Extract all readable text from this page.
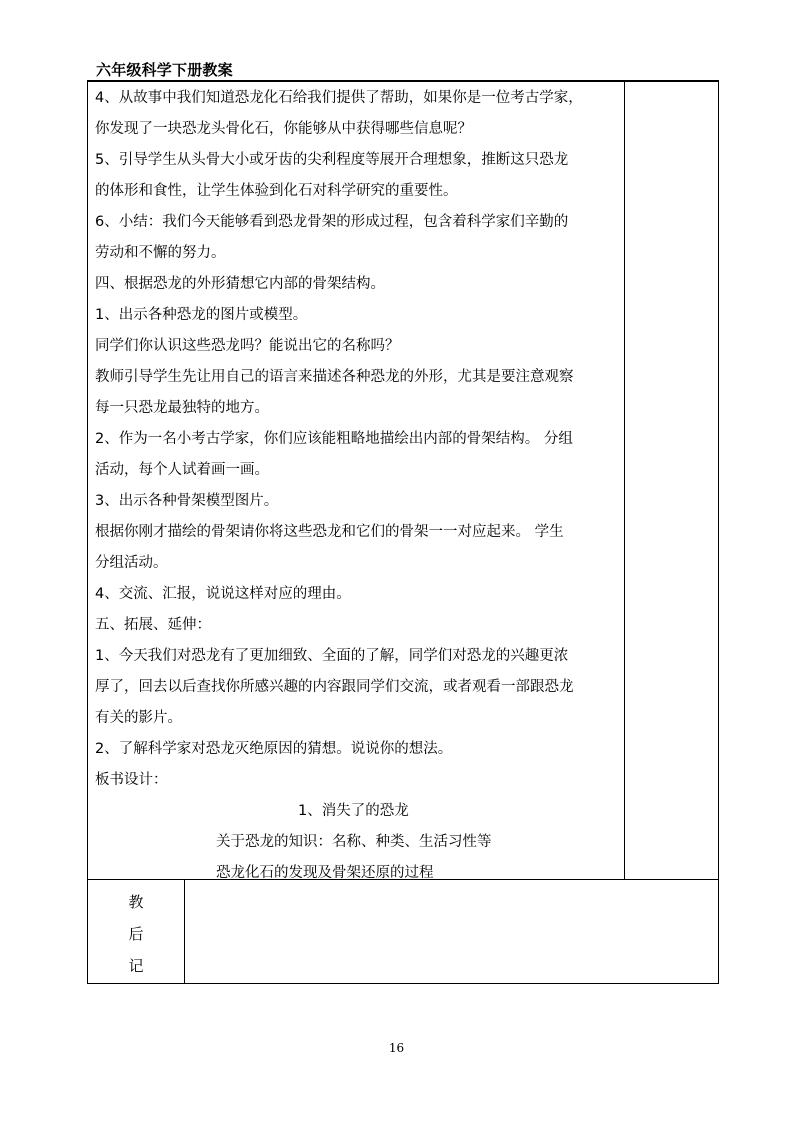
六年级科学下册教案

4、从故事中我们知道恐龙化石给我们提供了帮助，如果你是一位考古学家，

你发现了一块恐龙头骨化石，你能够从中获得哪些信息呢？

5、引导学生从头骨大小或牙齿的尖利程度等展开合理想象，推断这只恐龙

的体形和食性，让学生体验到化石对科学研究的重要性。

6、小结：我们今天能够看到恐龙骨架的形成过程，包含着科学家们辛勤的

劳动和不懈的努力。

四、根据恐龙的外形猜想它内部的骨架结构。

1、出示各种恐龙的图片或模型。

同学们你认识这些恐龙吗？能说出它的名称吗？

教师引导学生先让用自己的语言来描述各种恐龙的外形，尤其是要注意观察

每一只恐龙最独特的地方。

2、作为一名小考古学家，你们应该能粗略地描绘出内部的骨架结构。 分组

活动，每个人试着画一画。

3、出示各种骨架模型图片。

根据你刚才描绘的骨架请你将这些恐龙和它们的骨架一一对应起来。 学生

分组活动。

4、交流、汇报，说说这样对应的理由。

五、拓展、延伸：

1、今天我们对恐龙有了更加细致、全面的了解，同学们对恐龙的兴趣更浓

厚了，回去以后查找你所感兴趣的内容跟同学们交流，或者观看一部跟恐龙

有关的影片。

2、了解科学家对恐龙灭绝原因的猜想。说说你的想法。

板书设计：

1、消失了的恐龙

关于恐龙的知识：名称、种类、生活习性等

恐龙化石的发现及骨架还原的过程

教
后
记
16
